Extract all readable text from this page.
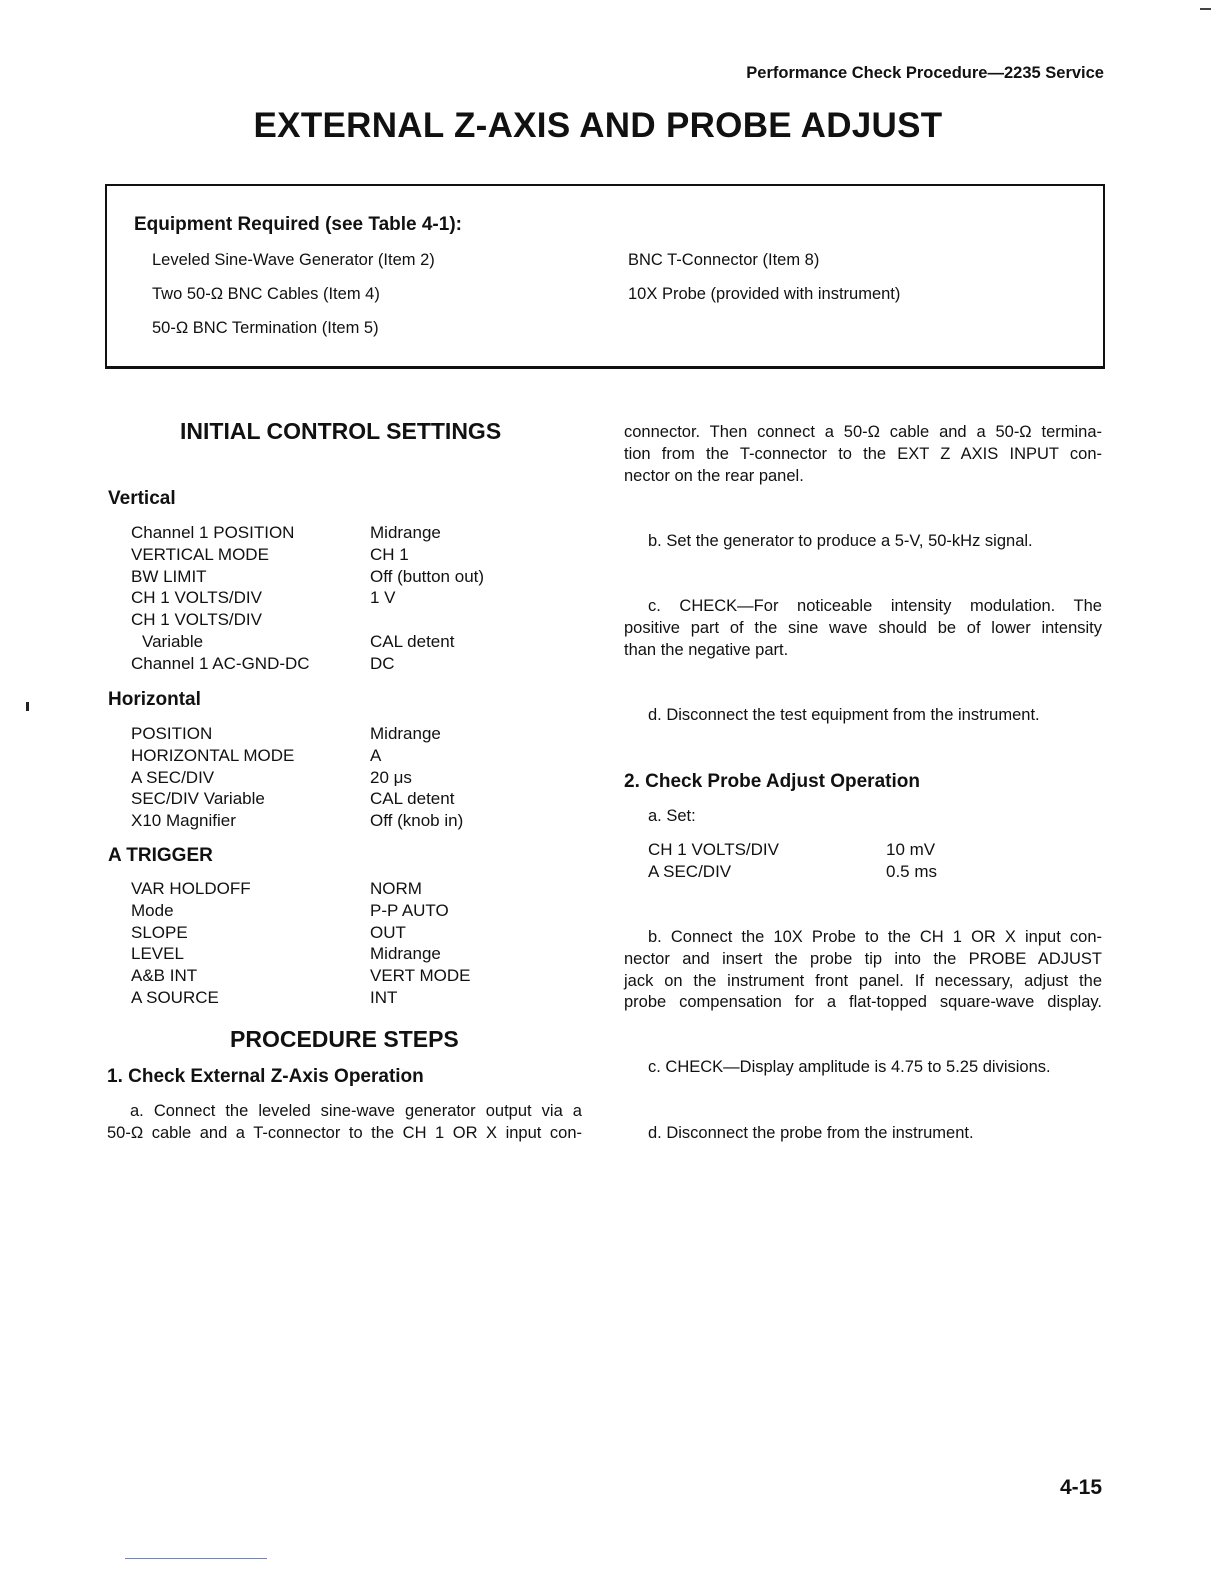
Performance Check Procedure—2235 Service
EXTERNAL Z-AXIS AND PROBE ADJUST
Equipment Required (see Table 4-1):
Leveled Sine-Wave Generator (Item 2)
Two 50-Ω BNC Cables (Item 4)
50-Ω BNC Termination (Item 5)
BNC T-Connector (Item 8)
10X Probe (provided with instrument)
INITIAL CONTROL SETTINGS
Vertical
Channel 1 POSITION	Midrange
VERTICAL MODE	CH 1
BW LIMIT	Off (button out)
CH 1 VOLTS/DIV	1 V
CH 1 VOLTS/DIV
Variable	CAL detent
Channel 1 AC-GND-DC	DC
Horizontal
POSITION	Midrange
HORIZONTAL MODE	A
A SEC/DIV	20 μs
SEC/DIV Variable	CAL detent
X10 Magnifier	Off (knob in)
A TRIGGER
VAR HOLDOFF	NORM
Mode	P-P AUTO
SLOPE	OUT
LEVEL	Midrange
A&B INT	VERT MODE
A SOURCE	INT
PROCEDURE STEPS
1. Check External Z-Axis Operation
a. Connect the leveled sine-wave generator output via a
50-Ω cable and a T-connector to the CH 1 OR X input con-
connector. Then connect a 50-Ω cable and a 50-Ω termina-
tion from the T-connector to the EXT Z AXIS INPUT con-
nector on the rear panel.
b. Set the generator to produce a 5-V, 50-kHz signal.
c. CHECK—For noticeable intensity modulation. The
positive part of the sine wave should be of lower intensity
than the negative part.
d. Disconnect the test equipment from the instrument.
2. Check Probe Adjust Operation
a. Set:
CH 1 VOLTS/DIV	10 mV
A SEC/DIV	0.5 ms
b. Connect the 10X Probe to the CH 1 OR X input con-
nector and insert the probe tip into the PROBE ADJUST
jack on the instrument front panel. If necessary, adjust the
probe compensation for a flat-topped square-wave display.
c. CHECK—Display amplitude is 4.75 to 5.25 divisions.
d. Disconnect the probe from the instrument.
4-15
